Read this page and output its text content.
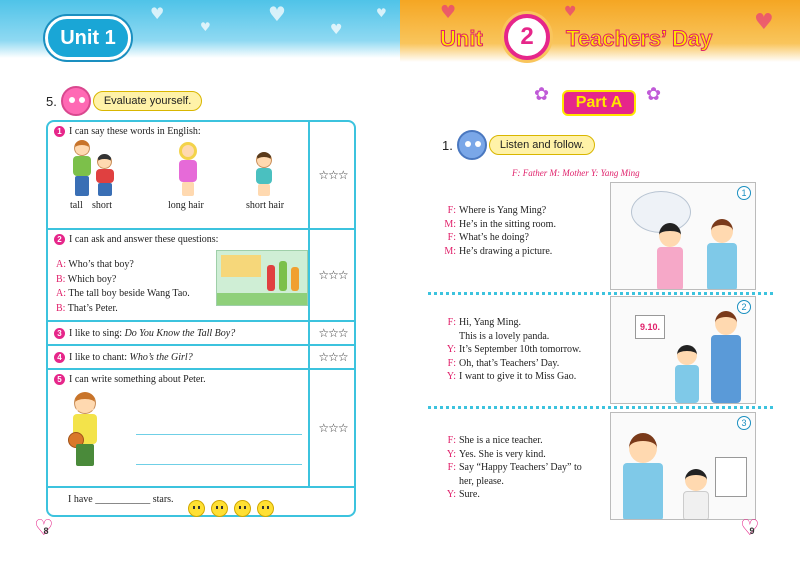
♥
♥
♥
♥
♥
Unit 1
5.	Evaluate yourself.
1 I can say these words in English:
tall short	long hair	short hair
☆☆☆
2 I can ask and answer these questions:
A: Who’s that boy?
B: Which boy?
A: The tall boy beside Wang Tao.
B: That’s Peter.
☆☆☆
3 I like to sing:
Do You Know the Tall Boy?	☆☆☆
4 I like to chant:
Who’s the Girl?	☆☆☆
5 I can write something about Peter.
☆☆☆
I have ___________ stars.
♡ 8
♥	♥	♥
Unit	2	Teachers’ Day
✿	Part A	✿
1.	Listen and follow.
F: Father M: Mother Y: Yang Ming
F: Where is Yang Ming?
M: He’s in the sitting room.
F: What’s he doing?
M: He’s drawing a picture.
1
F: Hi, Yang Ming.
This is a lovely panda.
Y: It’s September 10th tomorrow.
F: Oh, that’s Teachers’ Day.
Y: I want to give it to Miss Gao.
9.10.
2
F: She is a nice teacher.
Y: Yes. She is very kind.
F: Say “Happy Teachers’ Day” to
her, please.
Y: Sure.
3
♡ 9
